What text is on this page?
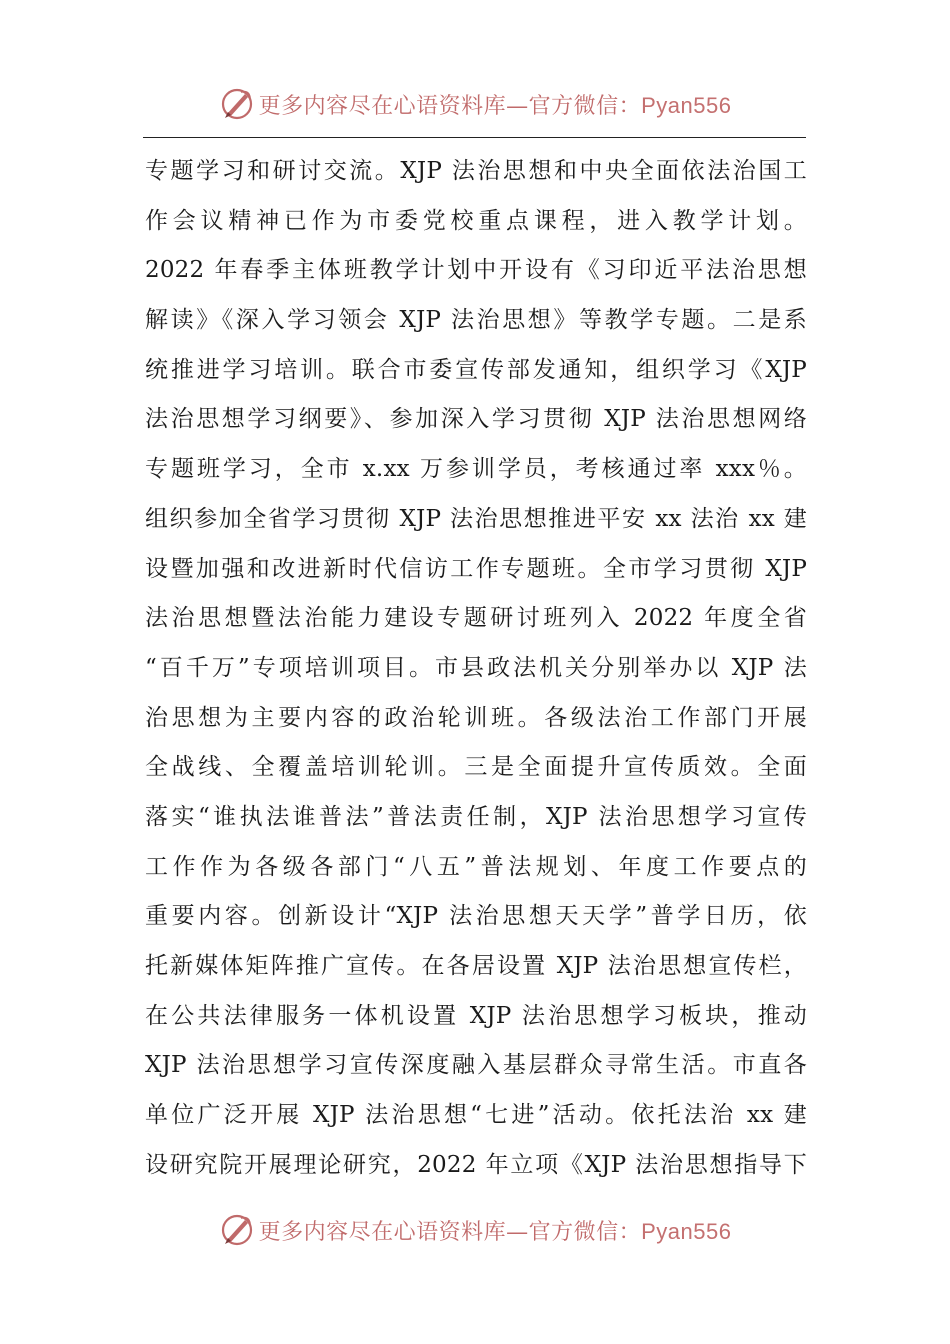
更多内容尽在心语资料库—官方微信：Pyan556
专题学习和研讨交流。XJP 法治思想和中央全面依法治国工
作会议精神已作为市委党校重点课程，进入教学计划。
2022 年春季主体班教学计划中开设有《习印近平法治思想
解读》《深入学习领会 XJP 法治思想》等教学专题。二是系
统推进学习培训。联合市委宣传部发通知，组织学习《XJP
法治思想学习纲要》、参加深入学习贯彻 XJP 法治思想网络
专题班学习，全市 x.xx 万参训学员，考核通过率 xxx％。
组织参加全省学习贯彻 XJP 法治思想推进平安 xx 法治 xx 建
设暨加强和改进新时代信访工作专题班。全市学习贯彻 XJP
法治思想暨法治能力建设专题研讨班列入 2022 年度全省
“百千万”专项培训项目。市县政法机关分别举办以 XJP 法
治思想为主要内容的政治轮训班。各级法治工作部门开展
全战线、全覆盖培训轮训。三是全面提升宣传质效。全面
落实“谁执法谁普法”普法责任制，XJP 法治思想学习宣传
工作作为各级各部门“八五”普法规划、年度工作要点的
重要内容。创新设计“XJP 法治思想天天学”普学日历，依
托新媒体矩阵推广宣传。在各居设置 XJP 法治思想宣传栏，
在公共法律服务一体机设置 XJP 法治思想学习板块，推动
XJP 法治思想学习宣传深度融入基层群众寻常生活。市直各
单位广泛开展 XJP 法治思想“七进”活动。依托法治 xx 建
设研究院开展理论研究，2022 年立项《XJP 法治思想指导下
更多内容尽在心语资料库—官方微信：Pyan556
